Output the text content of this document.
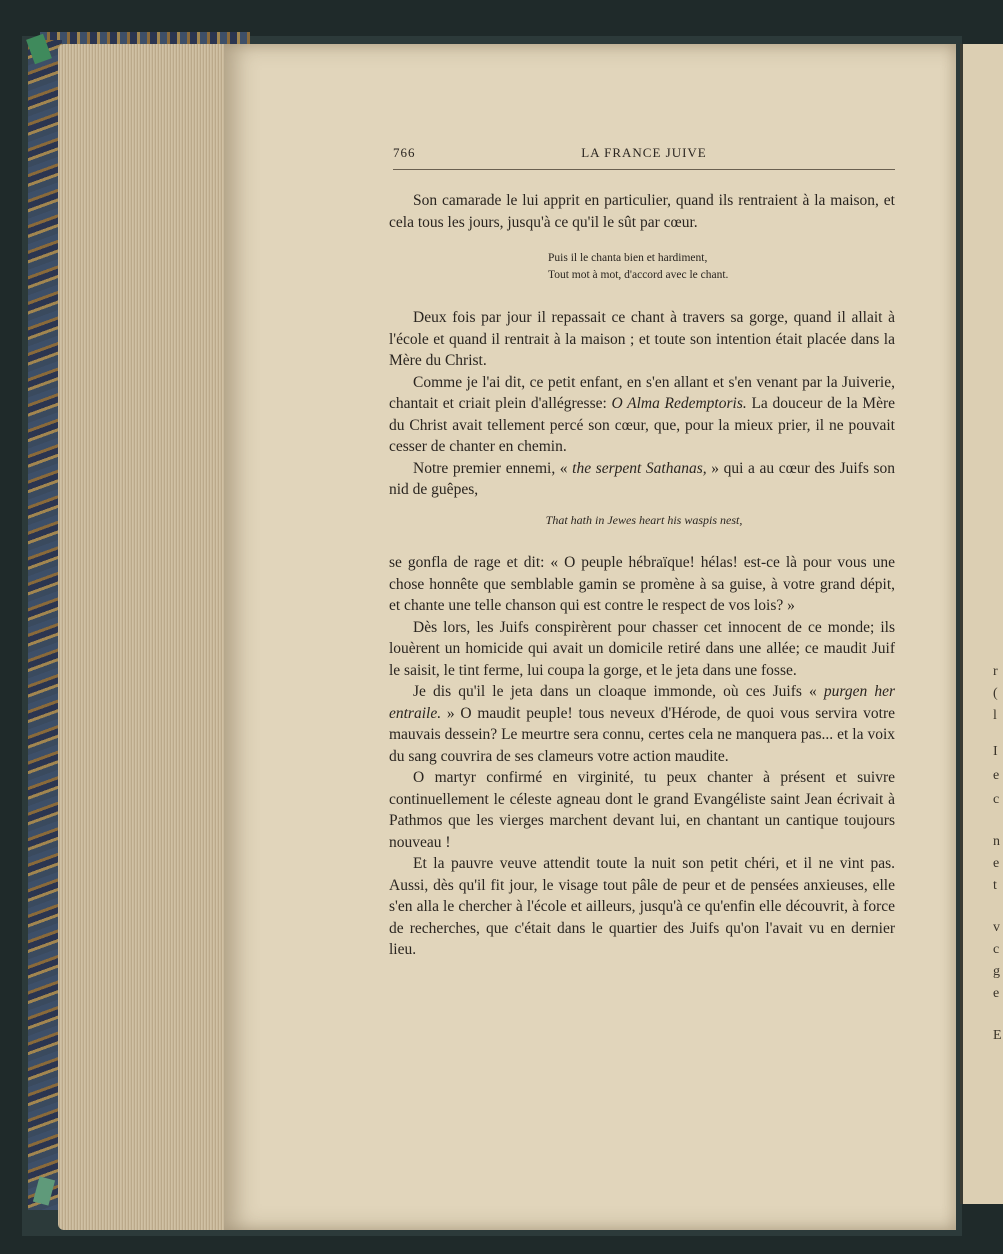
r
(
l
I
e
c
n
e
t
v
c
g
e
E
766	LA FRANCE JUIVE

Son camarade le lui apprit en particulier, quand ils rentraient à la maison, et cela tous les jours, jusqu'à ce qu'il le sût par cœur.

Puis il le chanta bien et hardiment,
Tout mot à mot, d'accord avec le chant.

Deux fois par jour il repassait ce chant à travers sa gorge, quand il allait à l'école et quand il rentrait à la maison ; et toute son intention était placée dans la Mère du Christ.

Comme je l'ai dit, ce petit enfant, en s'en allant et s'en venant par la Juiverie, chantait et criait plein d'allégresse: O Alma Redemptoris. La douceur de la Mère du Christ avait tellement percé son cœur, que, pour la mieux prier, il ne pouvait cesser de chanter en chemin.

Notre premier ennemi, « the serpent Sathanas, » qui a au cœur des Juifs son nid de guêpes,

That hath in Jewes heart his waspis nest,

se gonfla de rage et dit: « O peuple hébraïque! hélas! est-ce là pour vous une chose honnête que semblable gamin se promène à sa guise, à votre grand dépit, et chante une telle chanson qui est contre le respect de vos lois? »

Dès lors, les Juifs conspirèrent pour chasser cet innocent de ce monde; ils louèrent un homicide qui avait un domicile retiré dans une allée; ce maudit Juif le saisit, le tint ferme, lui coupa la gorge, et le jeta dans une fosse.

Je dis qu'il le jeta dans un cloaque immonde, où ces Juifs « purgen her entraile. » O maudit peuple! tous neveux d'Hérode, de quoi vous servira votre mauvais dessein? Le meurtre sera connu, certes cela ne manquera pas... et la voix du sang couvrira de ses clameurs votre action maudite.

O martyr confirmé en virginité, tu peux chanter à présent et suivre continuellement le céleste agneau dont le grand Evangéliste saint Jean écrivait à Pathmos que les vierges marchent devant lui, en chantant un cantique toujours nouveau !

Et la pauvre veuve attendit toute la nuit son petit chéri, et il ne vint pas. Aussi, dès qu'il fit jour, le visage tout pâle de peur et de pensées anxieuses, elle s'en alla le chercher à l'école et ailleurs, jusqu'à ce qu'enfin elle découvrit, à force de recherches, que c'était dans le quartier des Juifs qu'on l'avait vu en dernier lieu.
